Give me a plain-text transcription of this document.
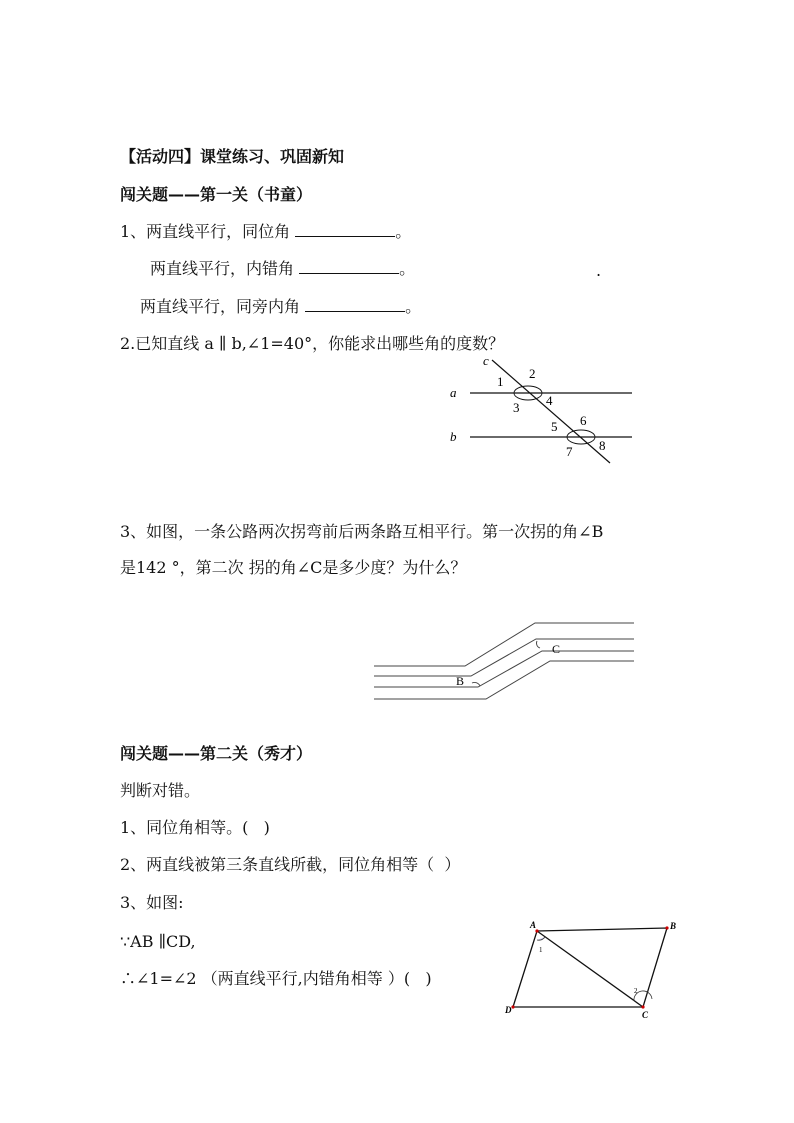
【活动四】课堂练习、巩固新知
闯关题——第一关（书童）
1、两直线平行，同位角	。
两直线平行，内错角	。	.
两直线平行，同旁内角	。
2.已知直线 a ∥ b,∠1=40°，你能求出哪些角的度数？
c
a
b
1
2
3 4
5 6
7 8
3、如图，一条公路两次拐弯前后两条路互相平行。第一次拐的角∠B
是142 °，第二次 拐的角∠C是多少度？为什么？
B
C
闯关题——第二关（秀才）
判断对错。
1、同位角相等。(   )
2、两直线被第三条直线所截，同位角相等（  ）
3、如图:
∵AB ∥CD,
∴∠1=∠2 （两直线平行,内错角相等 ）(   )
A	B
C
D
1
2
